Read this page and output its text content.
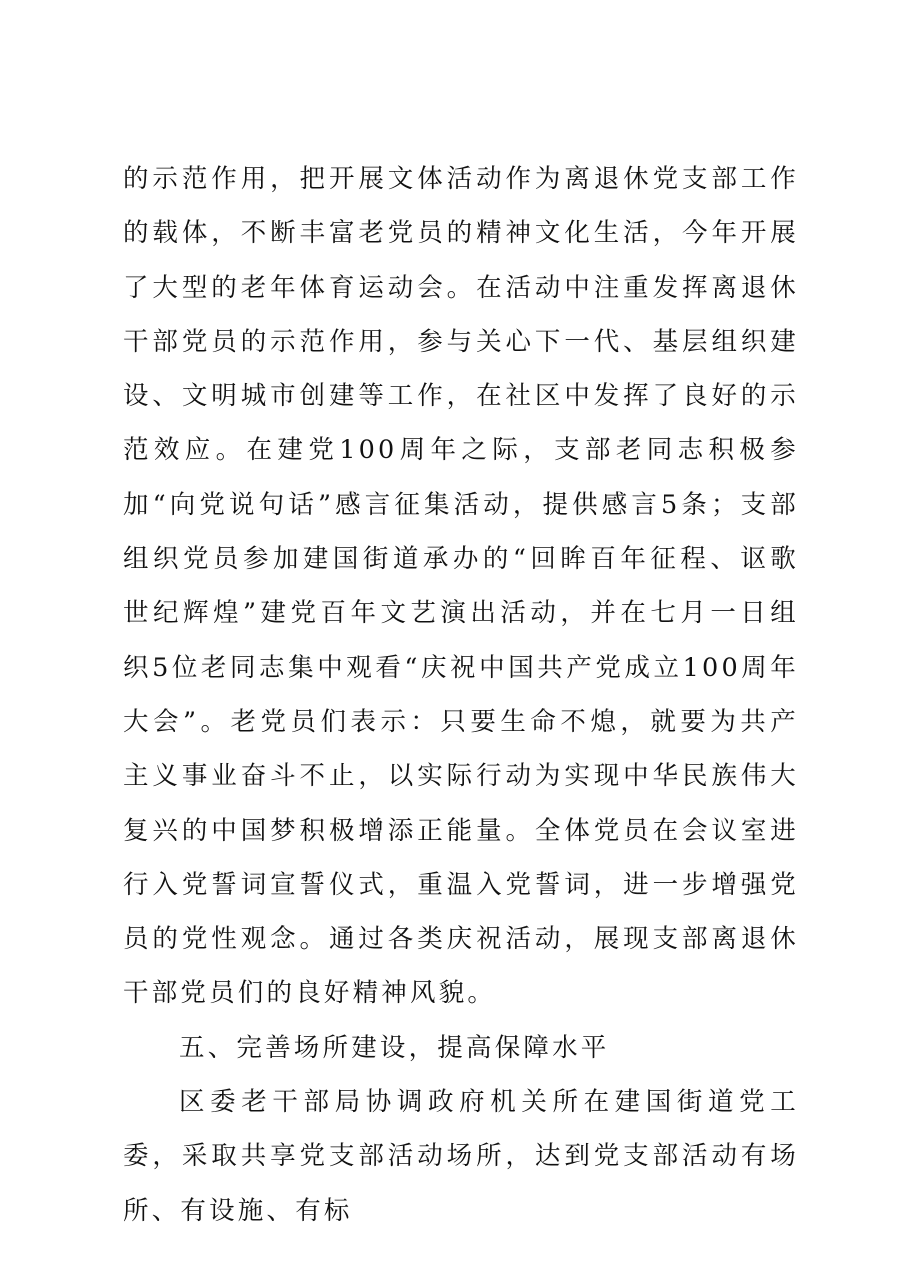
的示范作用，把开展文体活动作为离退休党支部工作的载体，不断丰富老党员的精神文化生活，今年开展了大型的老年体育运动会。在活动中注重发挥离退休干部党员的示范作用，参与关心下一代、基层组织建设、文明城市创建等工作，在社区中发挥了良好的示范效应。在建党100周年之际，支部老同志积极参加“向党说句话”感言征集活动，提供感言5条；支部组织党员参加建国街道承办的“回眸百年征程、讴歌世纪辉煌”建党百年文艺演出活动，并在七月一日组织5位老同志集中观看“庆祝中国共产党成立100周年大会”。老党员们表示：只要生命不熄，就要为共产主义事业奋斗不止，以实际行动为实现中华民族伟大复兴的中国梦积极增添正能量。全体党员在会议室进行入党誓词宣誓仪式，重温入党誓词，进一步增强党员的党性观念。通过各类庆祝活动，展现支部离退休干部党员们的良好精神风貌。

五、完善场所建设，提高保障水平

区委老干部局协调政府机关所在建国街道党工委，采取共享党支部活动场所，达到党支部活动有场所、有设施、有标
